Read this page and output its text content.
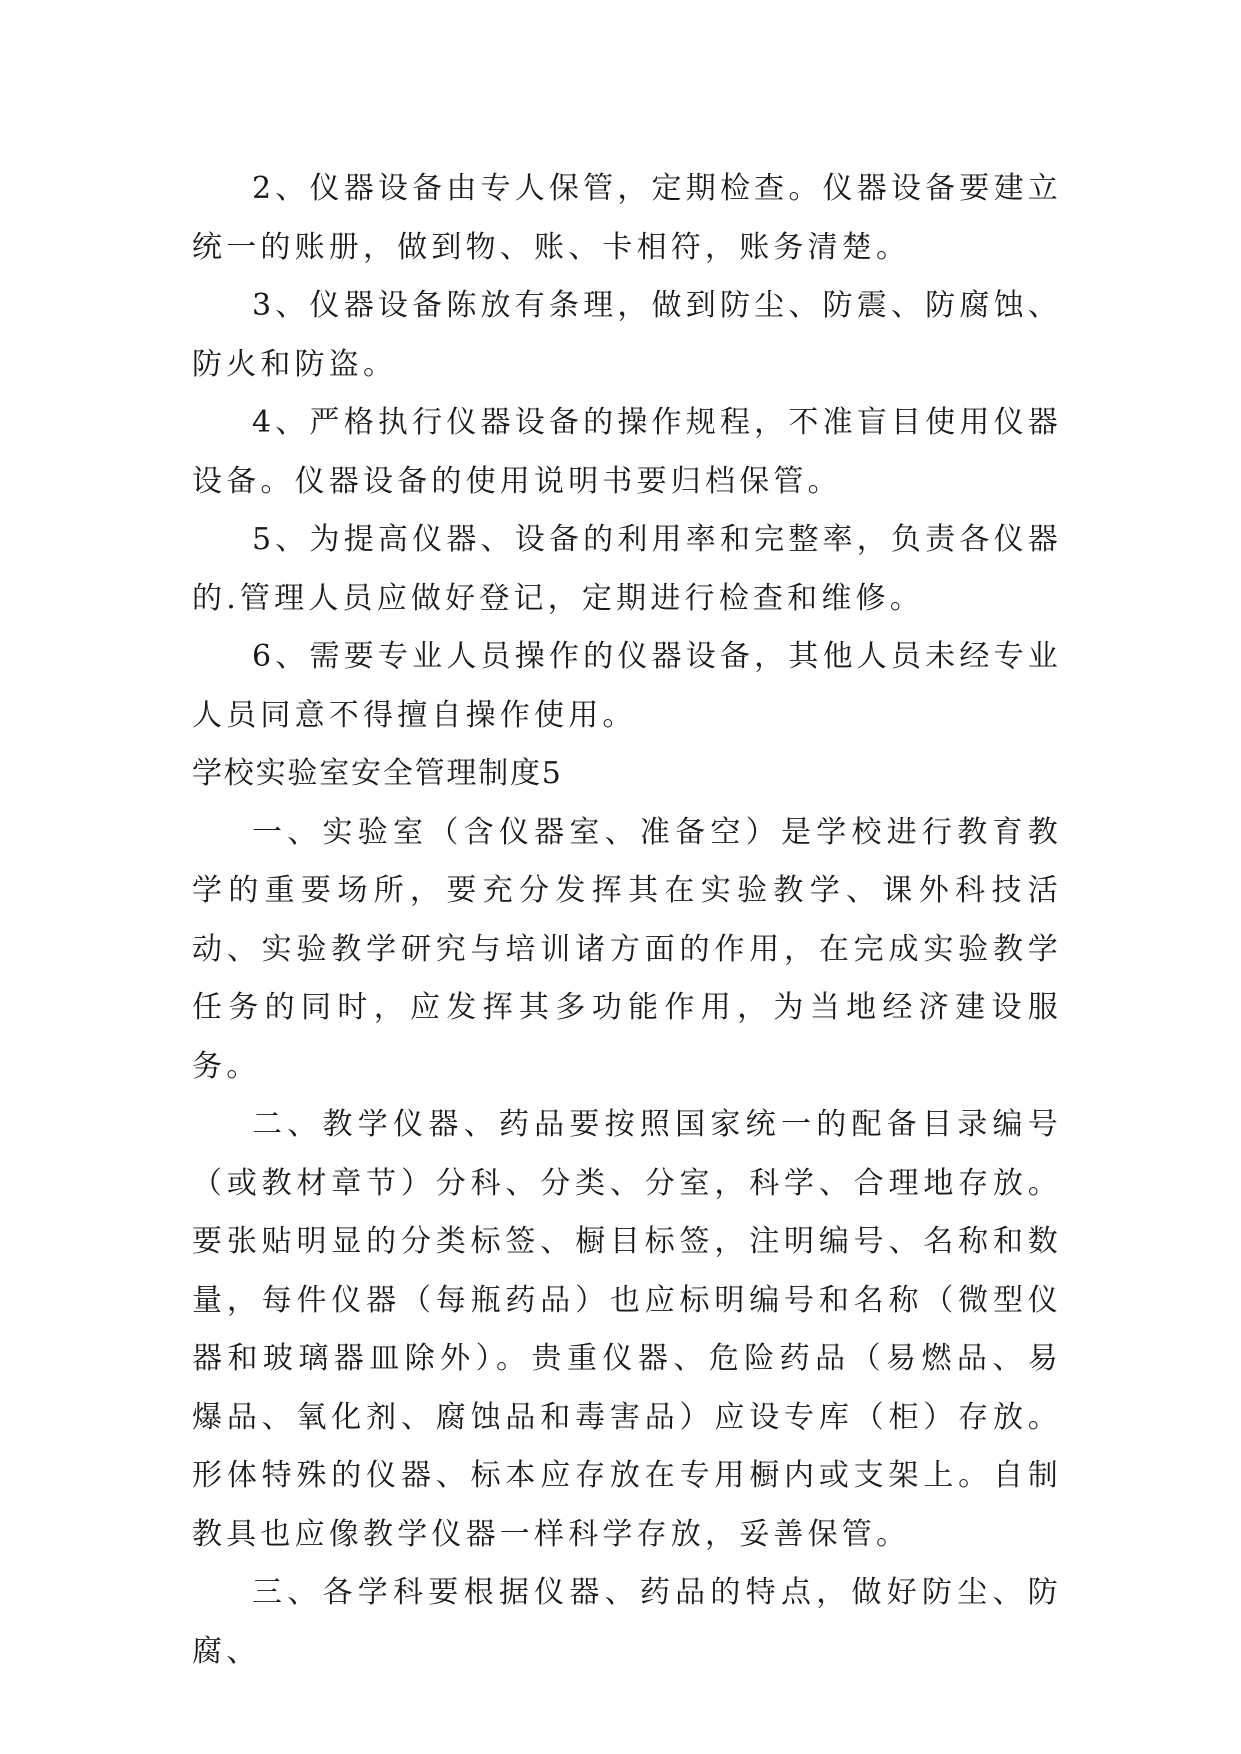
2、仪器设备由专人保管，定期检查。仪器设备要建立统一的账册，做到物、账、卡相符，账务清楚。

3、仪器设备陈放有条理，做到防尘、防震、防腐蚀、防火和防盗。

4、严格执行仪器设备的操作规程，不准盲目使用仪器设备。仪器设备的使用说明书要归档保管。

5、为提高仪器、设备的利用率和完整率，负责各仪器的.管理人员应做好登记，定期进行检查和维修。

6、需要专业人员操作的仪器设备，其他人员未经专业人员同意不得擅自操作使用。

学校实验室安全管理制度5

一、实验室（含仪器室、准备空）是学校进行教育教学的重要场所，要充分发挥其在实验教学、课外科技活动、实验教学研究与培训诸方面的作用，在完成实验教学任务的同时，应发挥其多功能作用，为当地经济建设服务。

二、教学仪器、药品要按照国家统一的配备目录编号（或教材章节）分科、分类、分室，科学、合理地存放。要张贴明显的分类标签、橱目标签，注明编号、名称和数量，每件仪器（每瓶药品）也应标明编号和名称（微型仪器和玻璃器皿除外）。贵重仪器、危险药品（易燃品、易爆品、氧化剂、腐蚀品和毒害品）应设专库（柜）存放。形体特殊的仪器、标本应存放在专用橱内或支架上。自制教具也应像教学仪器一样科学存放，妥善保管。

三、各学科要根据仪器、药品的特点，做好防尘、防腐、
